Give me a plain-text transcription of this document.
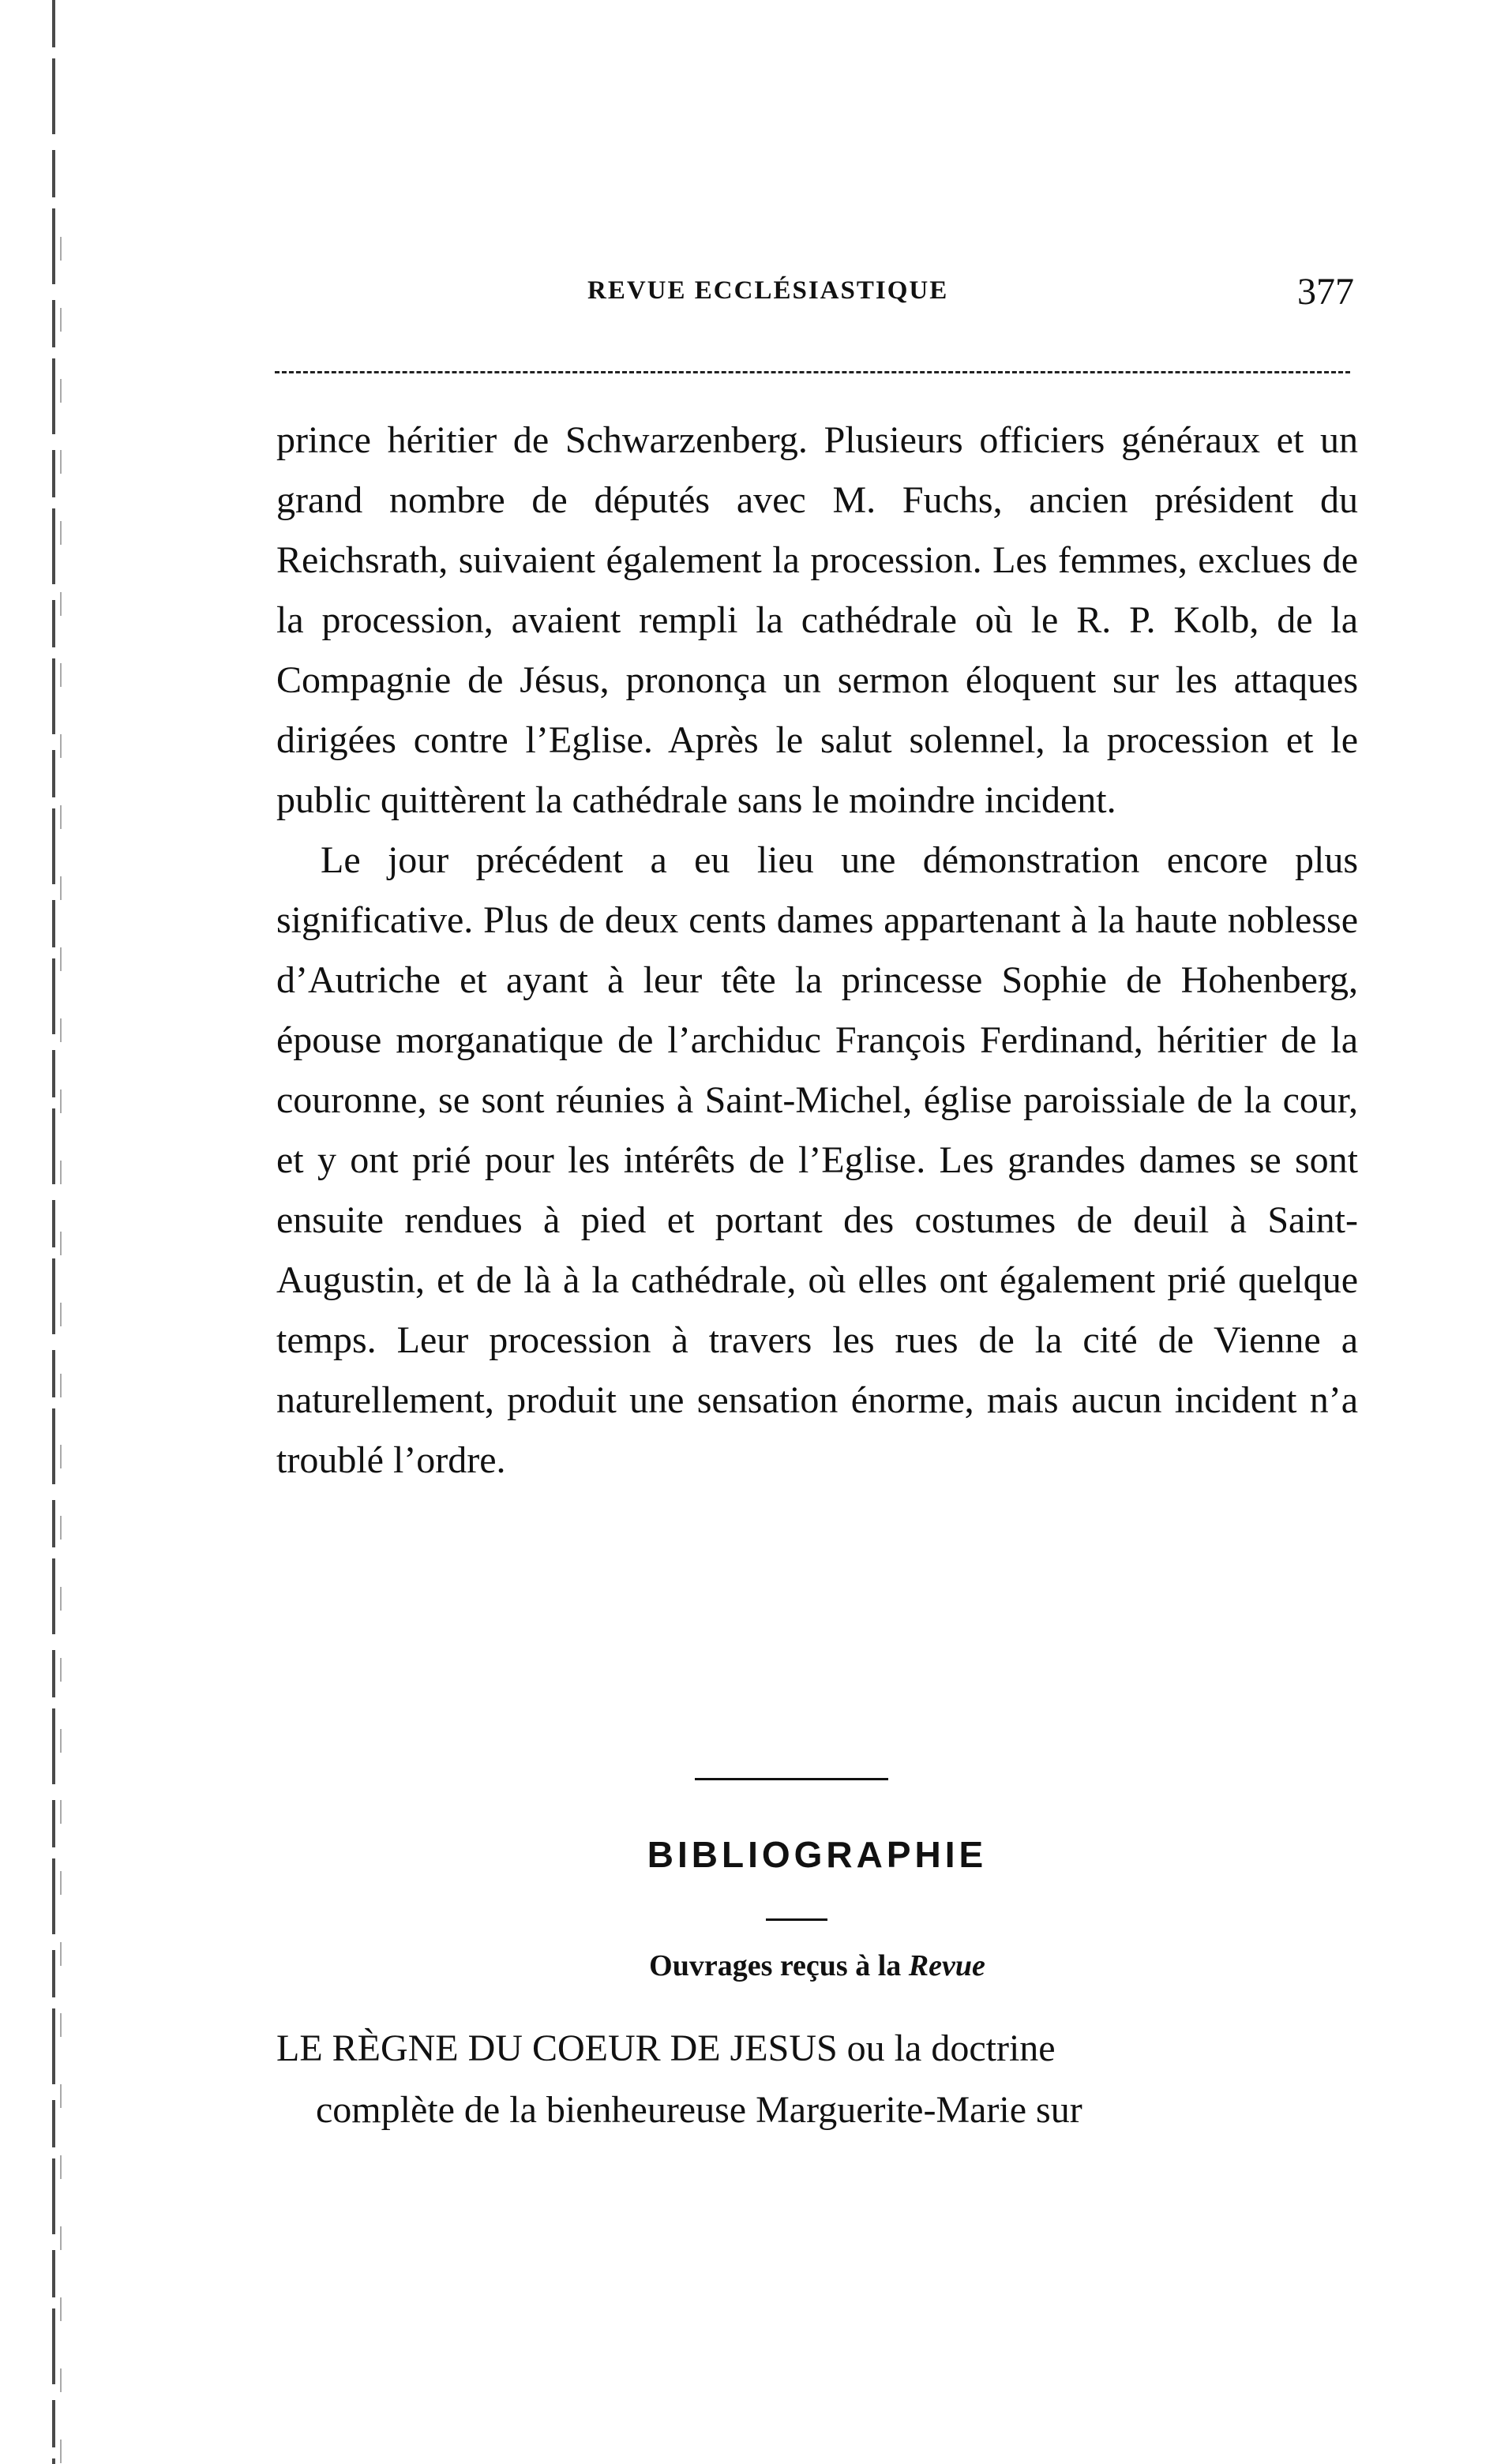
REVUE ECCLÉSIASTIQUE	377

prince héritier de Schwarzenberg. Plusieurs officiers généraux et un grand nombre de députés avec M. Fuchs, ancien président du Reichsrath, suivaient également la procession. Les femmes, exclues de la procession, avaient rempli la cathédrale où le R. P. Kolb, de la Compagnie de Jésus, prononça un sermon éloquent sur les attaques dirigées contre l’Eglise. Après le salut solennel, la procession et le public quittèrent la cathédrale sans le moindre incident.

Le jour précédent a eu lieu une démonstration encore plus significative. Plus de deux cents dames appartenant à la haute noblesse d’Autriche et ayant à leur tête la princesse Sophie de Hohenberg, épouse morganatique de l’archiduc François Ferdinand, héritier de la couronne, se sont réunies à Saint-Michel, église paroissiale de la cour, et y ont prié pour les intérêts de l’Eglise. Les grandes dames se sont ensuite rendues à pied et portant des costumes de deuil à Saint-Augustin, et de là à la cathédrale, où elles ont également prié quelque temps. Leur procession à travers les rues de la cité de Vienne a naturellement, produit une sensation énorme, mais aucun incident n’a troublé l’ordre.

BIBLIOGRAPHIE
Ouvrages reçus à la Revue
LE RÈGNE DU COEUR DE JESUS ou la doctrine
complète de la bienheureuse Marguerite-Marie sur
